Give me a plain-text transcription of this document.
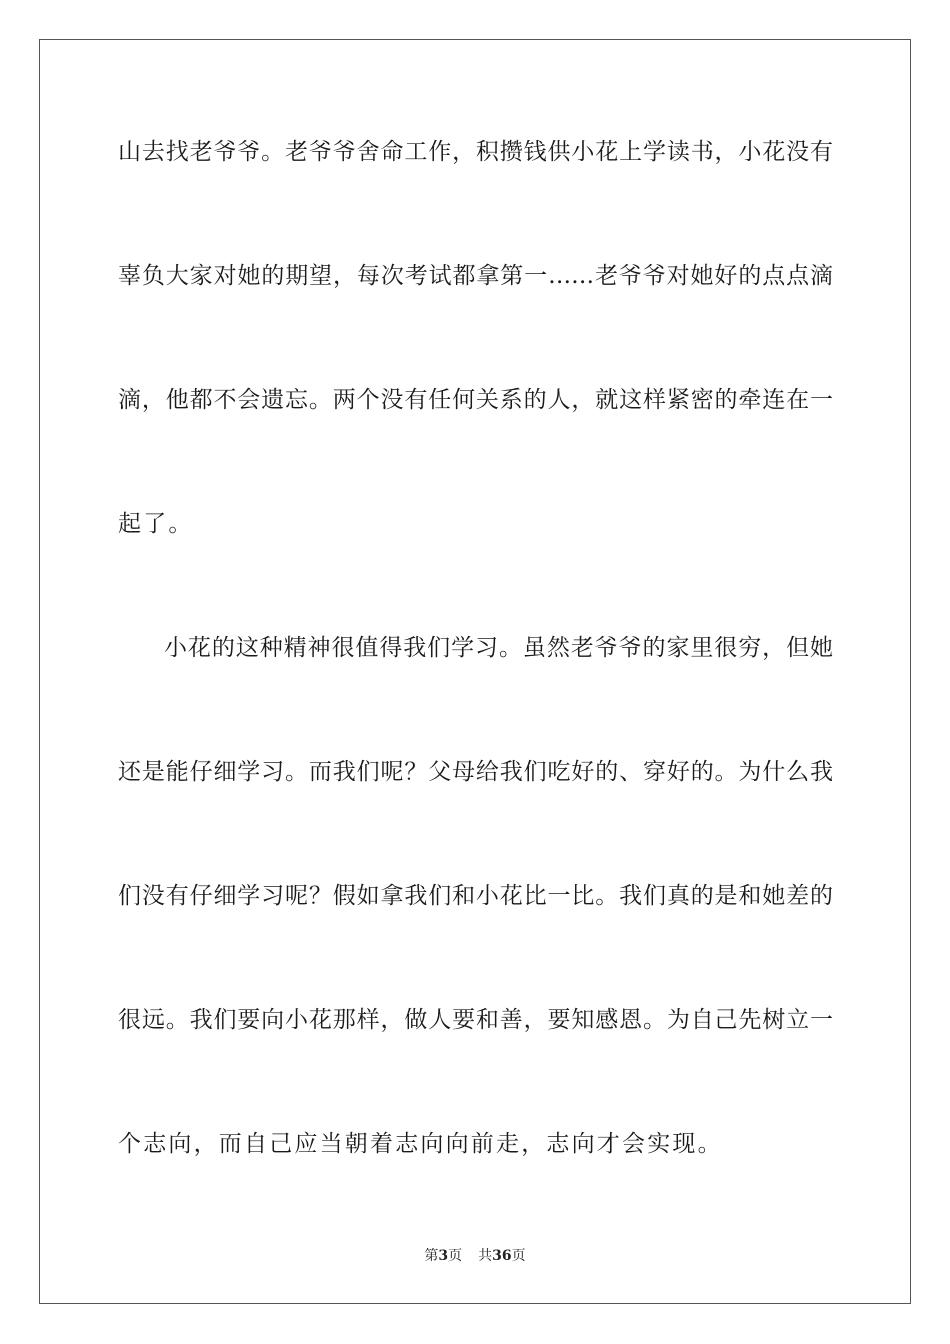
山去找老爷爷。老爷爷舍命工作，积攒钱供小花上学读书，小花没有
辜负大家对她的期望，每次考试都拿第一……老爷爷对她好的点点滴
滴，他都不会遗忘。两个没有任何关系的人，就这样紧密的牵连在一
起了。
小花的这种精神很值得我们学习。虽然老爷爷的家里很穷，但她
还是能仔细学习。而我们呢？父母给我们吃好的、穿好的。为什么我
们没有仔细学习呢？假如拿我们和小花比一比。我们真的是和她差的
很远。我们要向小花那样，做人要和善，要知感恩。为自己先树立一
个志向，而自己应当朝着志向向前走，志向才会实现。
第3页 共36页
